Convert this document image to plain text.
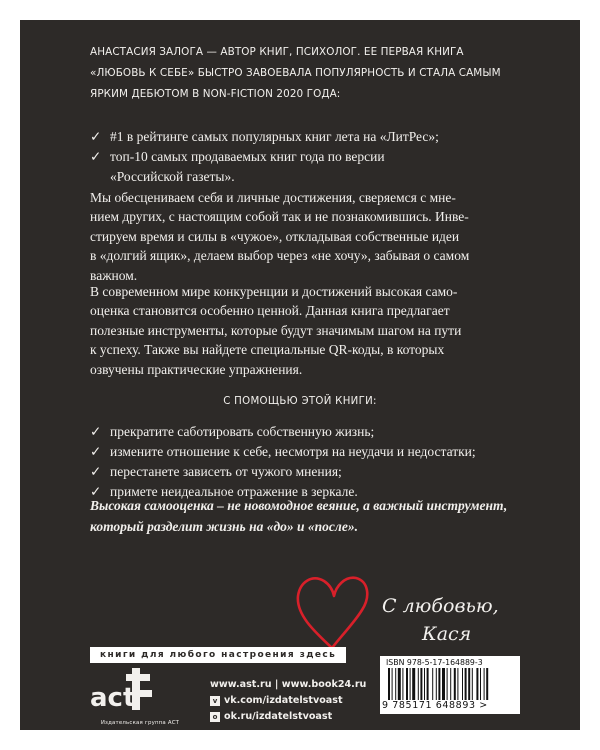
АНАСТАСИЯ ЗАЛОГА — АВТОР КНИГ, ПСИХОЛОГ. ЕЕ ПЕРВАЯ КНИГА
«ЛЮБОВЬ К СЕБЕ» БЫСТРО ЗАВОЕВАЛА ПОПУЛЯРНОСТЬ И СТАЛА САМЫМ
ЯРКИМ ДЕБЮТОМ В NON-FICTION 2020 ГОДА:
✓ #1 в рейтинге самых популярных книг лета на «ЛитРес»;
✓ топ-10 самых продаваемых книг года по версии
«Российской газеты».
Мы обесцениваем себя и личные достижения, сверяемся с мне-
нием других, с настоящим собой так и не познакомившись. Инве-
стируем время и силы в «чужое», откладывая собственные идеи
в «долгий ящик», делаем выбор через «не хочу», забывая о самом
важном.
В современном мире конкуренции и достижений высокая само-
оценка становится особенно ценной. Данная книга предлагает
полезные инструменты, которые будут значимым шагом на пути
к успеху. Также вы найдете специальные QR-коды, в которых
озвучены практические упражнения.
С ПОМОЩЬЮ ЭТОЙ КНИГИ:
✓ прекратите саботировать собственную жизнь;
✓ измените отношение к себе, несмотря на неудачи и недостатки;
✓ перестанете зависеть от чужого мнения;
✓ примете неидеальное отражение в зеркале.
Высокая самооценка – не новомодное веяние, а важный инструмент,
который разделит жизнь на «до» и «после».
С любовью,
Кася
книги для любого настроения здесь
act
Издательская группа АСТ
www.ast.ru | www.book24.ru
v vk.com/izdatelstvoast
o ok.ru/izdatelstvoast
ISBN 978-5-17-164889-3
9 785171 648893 >
